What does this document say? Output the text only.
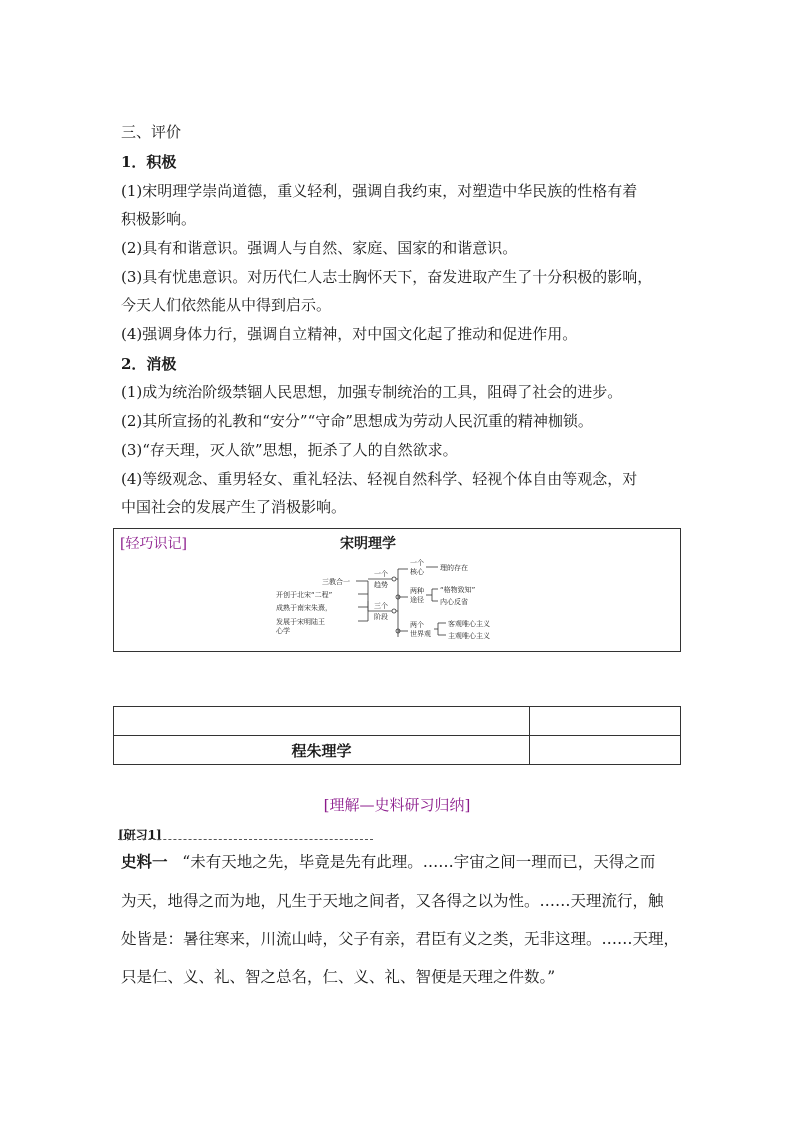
三、评价
1．积极
(1)宋明理学崇尚道德，重义轻利，强调自我约束，对塑造中华民族的性格有着
积极影响。
(2)具有和谐意识。强调人与自然、家庭、国家的和谐意识。
(3)具有忧患意识。对历代仁人志士胸怀天下，奋发进取产生了十分积极的影响，
今天人们依然能从中得到启示。
(4)强调身体力行，强调自立精神，对中国文化起了推动和促进作用。
2．消极
(1)成为统治阶级禁锢人民思想，加强专制统治的工具，阻碍了社会的进步。
(2)其所宣扬的礼教和“安分”“守命”思想成为劳动人民沉重的精神枷锁。
(3)“存天理，灭人欲”思想，扼杀了人的自然欲求。
(4)等级观念、重男轻女、重礼轻法、轻视自然科学、轻视个体自由等观念，对
中国社会的发展产生了消极影响。
[轻巧识记]	宋明理学
三教合一
开创于北宋“二程”
成熟于南宋朱熹，
发展于宋明陆王
心学
一个
趋势
三个
阶段
一个
核心 理的存在
两种
途径
“格物致知”
内心反省
两个
世界观
客观唯心主义
主观唯心主义

程朱理学	
[理解—史料研习归纳]
[研习1]
史料一 “未有天地之先，毕竟是先有此理。……宇宙之间一理而已，天得之而
为天，地得之而为地，凡生于天地之间者，又各得之以为性。……天理流行，触
处皆是：暑往寒来，川流山峙，父子有亲，君臣有义之类，无非这理。……天理，
只是仁、义、礼、智之总名，仁、义、礼、智便是天理之件数。”
